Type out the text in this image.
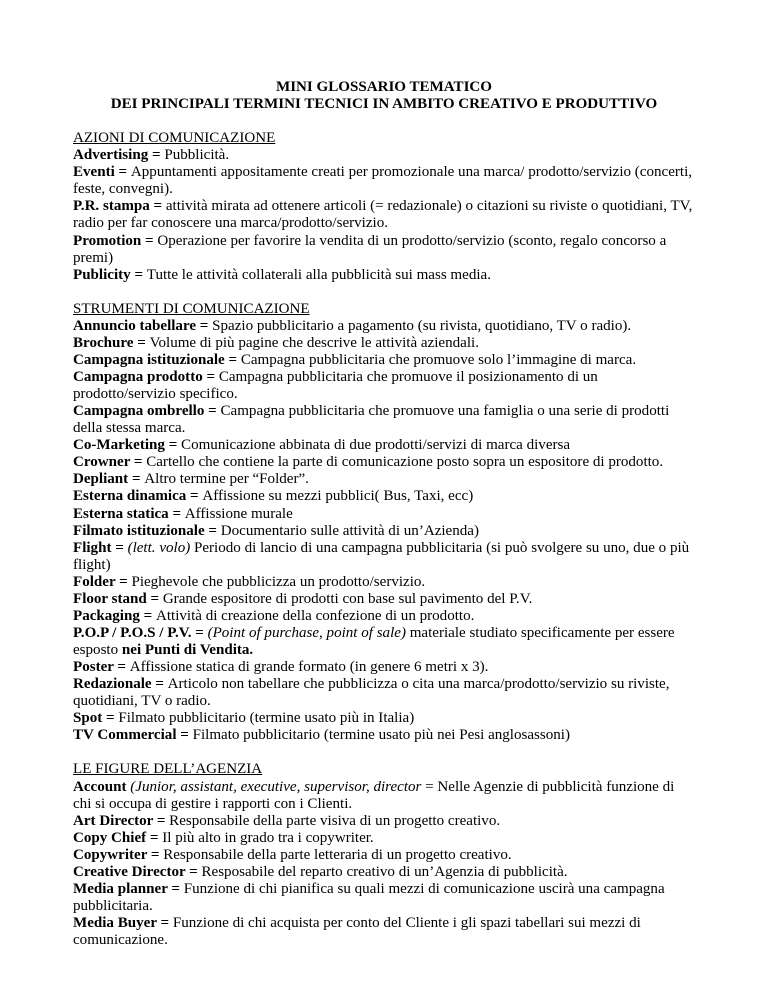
MINI GLOSSARIO TEMATICO
DEI PRINCIPALI TERMINI TECNICI IN AMBITO CREATIVO E PRODUTTIVO
AZIONI DI COMUNICAZIONE

Advertising = Pubblicità.

Eventi = Appuntamenti appositamente creati per promozionale una marca/ prodotto/servizio (concerti, feste, convegni).

P.R. stampa = attività mirata ad ottenere articoli (= redazionale) o citazioni su riviste o quotidiani, TV, radio per far conoscere una marca/prodotto/servizio.

Promotion = Operazione per favorire la vendita di un prodotto/servizio (sconto, regalo concorso a premi)

Publicity = Tutte le attività collaterali alla pubblicità sui mass media.

STRUMENTI DI COMUNICAZIONE

Annuncio tabellare = Spazio pubblicitario a pagamento (su rivista, quotidiano, TV o radio).

Brochure = Volume di più pagine che descrive le attività aziendali.

Campagna istituzionale = Campagna pubblicitaria che promuove solo l’immagine di marca.

Campagna prodotto = Campagna pubblicitaria che promuove il posizionamento di un prodotto/servizio specifico.

Campagna ombrello = Campagna pubblicitaria che promuove una famiglia o una serie di prodotti della stessa marca.

Co-Marketing = Comunicazione abbinata di due prodotti/servizi di marca diversa

Crowner = Cartello che contiene la parte di comunicazione posto sopra un espositore di prodotto.

Depliant = Altro termine per “Folder”.

Esterna dinamica = Affissione su mezzi pubblici( Bus, Taxi, ecc)

Esterna statica = Affissione murale

Filmato istituzionale = Documentario sulle attività di un’Azienda)

Flight = (lett. volo) Periodo di lancio di una campagna pubblicitaria (si può svolgere su uno, due o più flight)

Folder = Pieghevole che pubblicizza un prodotto/servizio.

Floor stand = Grande espositore di prodotti con base sul pavimento del P.V.

Packaging = Attività di creazione della confezione di un prodotto.

P.O.P / P.O.S / P.V. = (Point of purchase, point of sale) materiale studiato specificamente per essere esposto nei Punti di Vendita.

Poster = Affissione statica di grande formato (in genere 6 metri x 3).

Redazionale = Articolo non tabellare che pubblicizza o cita una marca/prodotto/servizio su riviste, quotidiani, TV o radio.

Spot = Filmato pubblicitario (termine usato più in Italia)

TV Commercial = Filmato pubblicitario (termine usato più nei Pesi anglosassoni)

LE FIGURE DELL’AGENZIA

Account (Junior, assistant, executive, supervisor, director = Nelle Agenzie di pubblicità funzione di chi si occupa di gestire i rapporti con i Clienti.

Art Director = Responsabile della parte visiva di un progetto creativo.

Copy Chief = Il più alto in grado tra i copywriter.

Copywriter = Responsabile della parte letteraria di un progetto creativo.

Creative Director = Resposabile del reparto creativo di un’Agenzia di pubblicità.

Media planner = Funzione di chi pianifica su quali mezzi di comunicazione uscirà una campagna pubblicitaria.

Media Buyer = Funzione di chi acquista per conto del Cliente i gli spazi tabellari sui mezzi di comunicazione.
